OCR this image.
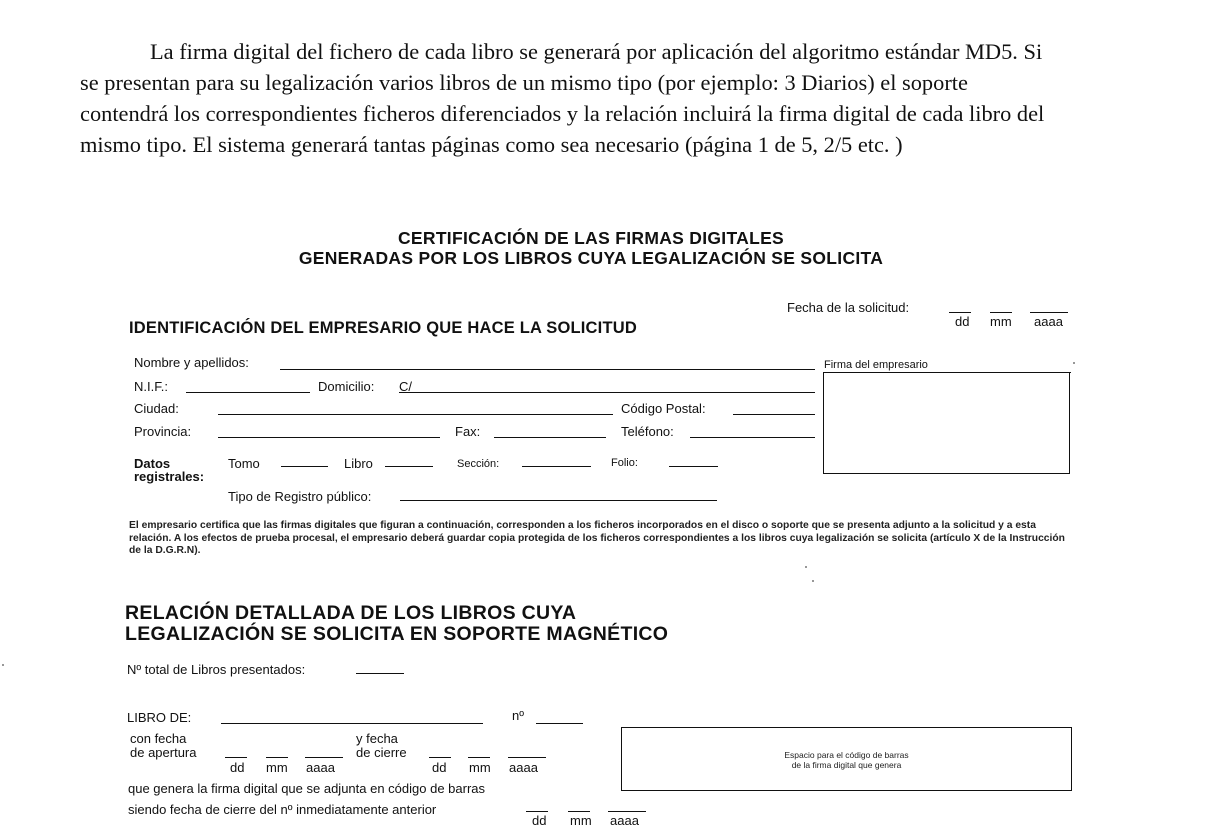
La firma digital del fichero de cada libro se generará por aplicación del algoritmo estándar MD5. Si se presentan para su legalización varios libros de un mismo tipo (por ejemplo: 3 Diarios) el soporte contendrá los correspondientes ficheros diferenciados y la relación incluirá la firma digital de cada libro del mismo tipo. El sistema generará tantas páginas como sea necesario (página 1 de 5, 2/5 etc. )
CERTIFICACIÓN DE LAS FIRMAS DIGITALES
GENERADAS POR LOS LIBROS CUYA LEGALIZACIÓN SE SOLICITA
Fecha de la solicitud:
dd mm aaaa
IDENTIFICACIÓN DEL EMPRESARIO QUE HACE LA SOLICITUD
Nombre y apellidos:
N.I.F.:	Domicilio: C/
Ciudad:	Código Postal:
Provincia:	Fax:	Teléfono:
Datos
registrales:
Tomo	Libro	Sección:	Folio:
Tipo de Registro público:
Firma del empresario
El empresario certifica que las firmas digitales que figuran a continuación, corresponden a los ficheros incorporados en el disco o soporte que se presenta adjunto a la solicitud y a esta relación. A los efectos de prueba procesal, el empresario deberá guardar copia protegida de los ficheros correspondientes a los libros cuya legalización se solicita (artículo X de la Instrucción de la D.G.R.N).
RELACIÓN DETALLADA DE LOS LIBROS CUYA
LEGALIZACIÓN SE SOLICITA EN SOPORTE MAGNÉTICO
Nº total de Libros presentados:
LIBRO DE:	nº
con fecha
de apertura
dd mm aaaa
y fecha
de cierre
dd mm aaaa
que genera la firma digital que se adjunta en código de barras
siendo fecha de cierre del nº inmediatamente anterior
dd mm aaaa
Espacio para el código de barras
de la firma digital que genera
